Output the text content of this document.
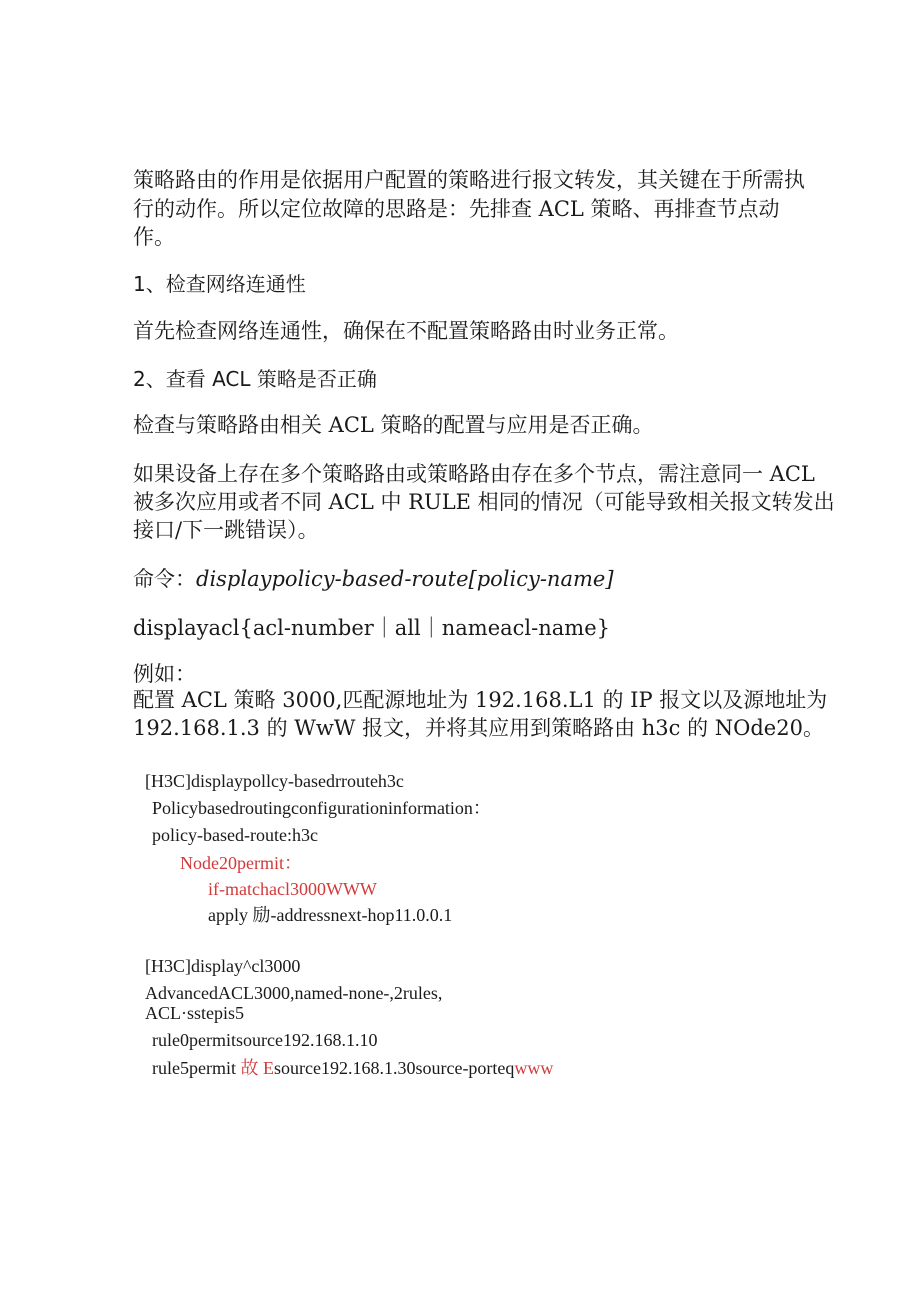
策略路由的作用是依据用户配置的策略进行报文转发，其关键在于所需执

行的动作。所以定位故障的思路是：先排查 ACL 策略、再排查节点动

作。

1、检查网络连通性

首先检查网络连通性，确保在不配置策略路由时业务正常。

2、查看 ACL 策略是否正确

检查与策略路由相关 ACL 策略的配置与应用是否正确。

如果设备上存在多个策略路由或策略路由存在多个节点，需注意同一 ACL

被多次应用或者不同 ACL 中 RULE 相同的情况（可能导致相关报文转发出

接口/下一跳错误）。

命令：displaypolicy-based-route[policy-name]

displayacl{acl-number｜all｜nameacl-name}

例如：

配置 ACL 策略 3000,匹配源地址为 192.168.L1 的 IP 报文以及源地址为

192.168.1.3 的 WwW 报文，并将其应用到策略路由 h3c 的 NOde20。

[H3C]displaypollcy-basedrrouteh3c
Policybasedroutingconfigurationinformation：
policy-based-route:h3c
Node20permit：
if-matchacl3000WWW
apply 励-addressnext-hop11.0.0.1
[H3C]display^cl3000
AdvancedACL3000,named-none-,2rules,
ACL·sstepis5
rule0permitsource192.168.1.10
rule5permit 故 Esource192.168.1.30source-porteqwww
